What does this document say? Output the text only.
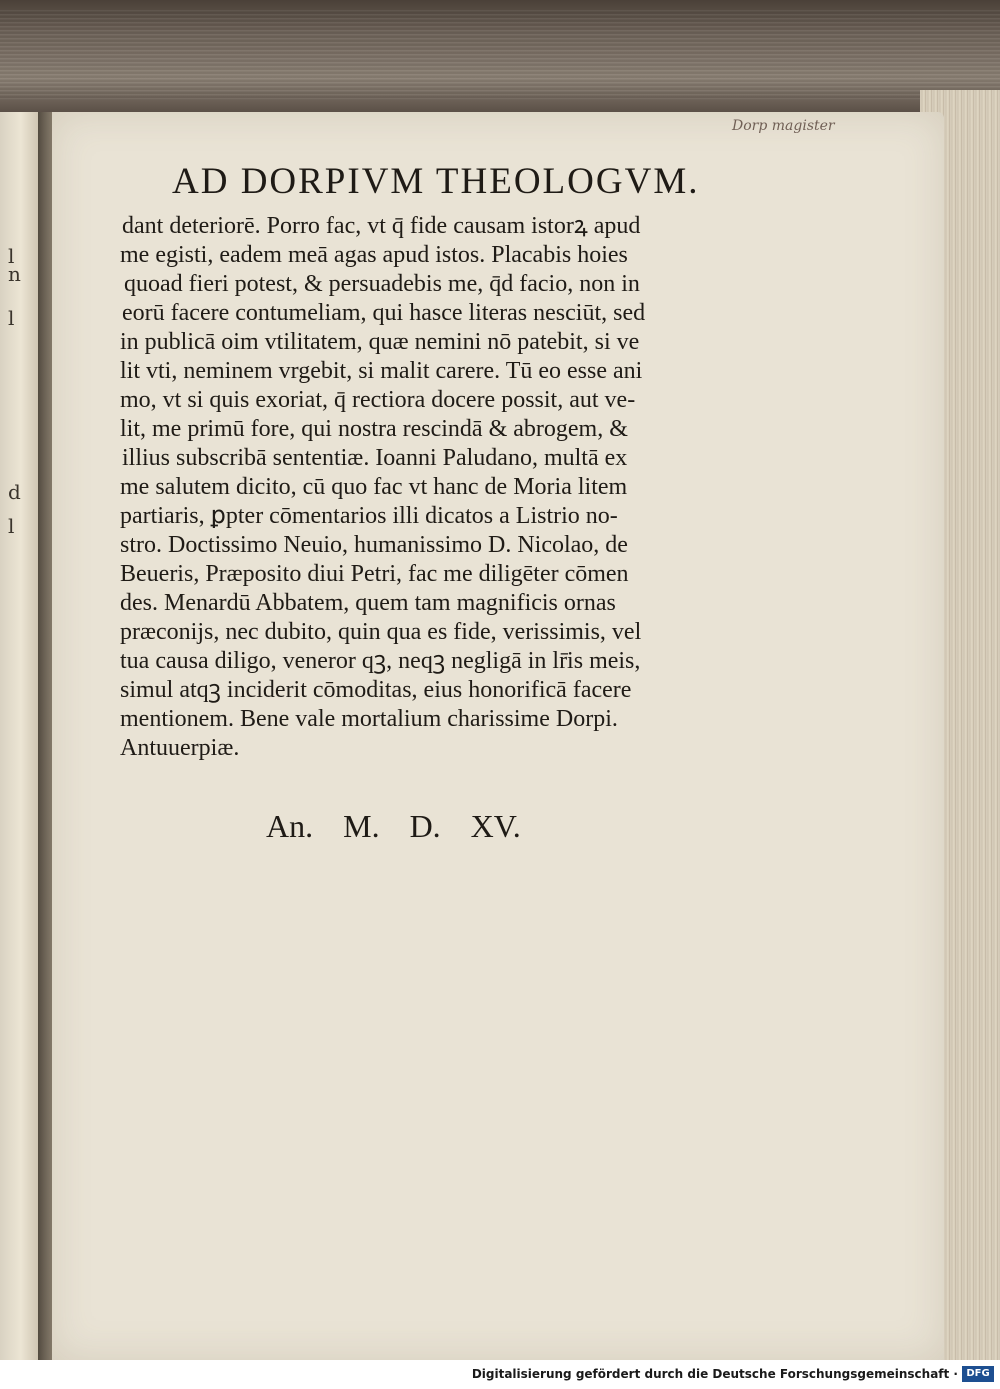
l
n
l
d
l
Dorp magister
AD DORPIVM THEOLOGVM.
dant deteriorē. Porro fac, vt q̄ fide causam istorꝝ apud
me egisti, eadem meā agas apud istos. Placabis hoies
quoad fieri potest, & persuadebis me, q̄d facio, non in
eorū facere contumeliam, qui hasce literas nesciūt, sed
in publicā oim vtilitatem, quæ nemini nō patebit, si ve
lit vti, neminem vrgebit, si malit carere. Tū eo esse ani
mo, vt si quis exoriat, q̄ rectiora docere possit, aut ve-
lit, me primū fore, qui nostra rescindā & abrogem, &
illius subscribā sententiæ. Ioanni Paludano, multā ex
me salutem dicito, cū quo fac vt hanc de Moria litem
partiaris, ꝑpter cōmentarios illi dicatos a Listrio no-
stro. Doctissimo Neuio, humanissimo D. Nicolao, de
Beueris, Præposito diui Petri, fac me diligēter cōmen
des. Menardū Abbatem, quem tam magnificis ornas
præconijs, nec dubito, quin qua es fide, verissimis, vel
tua causa diligo, veneror qꝫ, neqꝫ negligā in lr̄is meis,
simul atqꝫ inciderit cōmoditas, eius honorificā facere
mentionem. Bene vale mortalium charissime Dorpi.
Antuuerpiæ.

An. M. D. XV.

Digitalisierung gefördert durch die Deutsche Forschungsgemeinschaft · DFG
